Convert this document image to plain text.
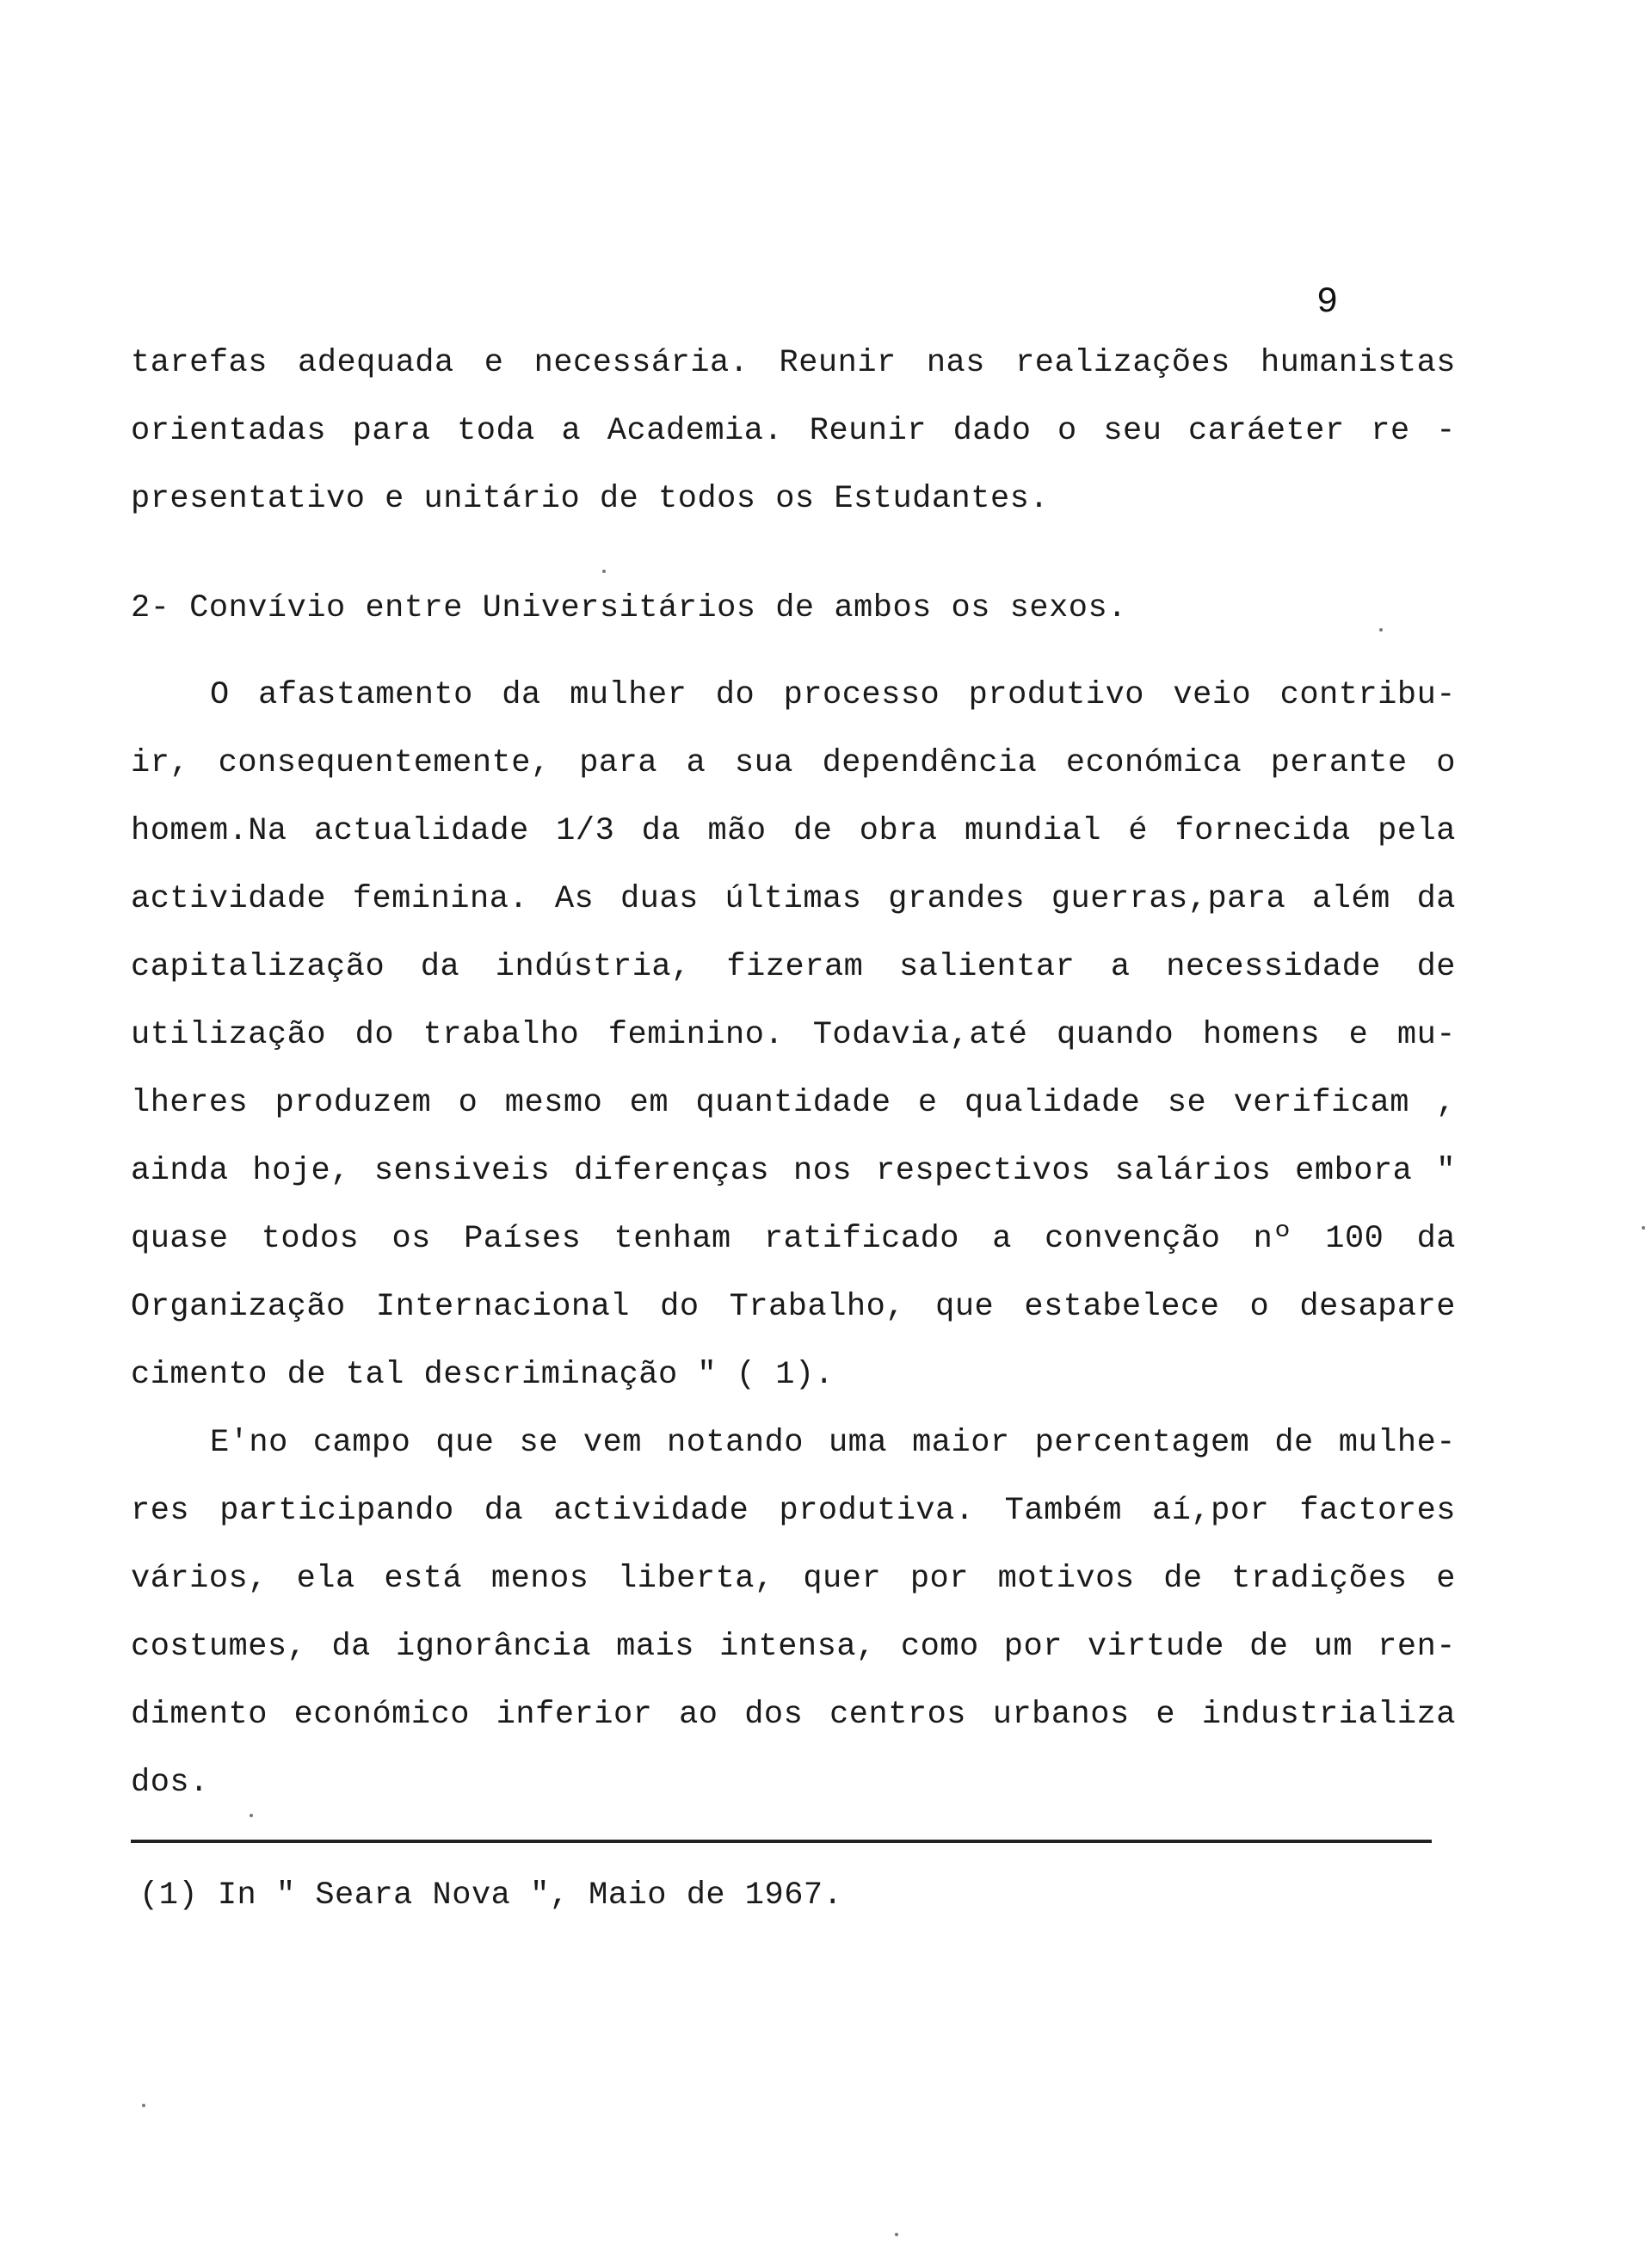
9

tarefas adequada e necessária. Reunir nas realizações humanistas orientadas para toda a Academia. Reunir dado o seu caráeter re - presentativo e unitário de todos os Estudantes.

2- Convívio entre Universitários de ambos os sexos.

O afastamento da mulher do processo produtivo veio contribu- ir, consequentemente, para a sua dependência económica perante o homem.Na actualidade 1/3 da mão de obra mundial é fornecida pela actividade feminina. As duas últimas grandes guerras,para além da capitalização da indústria, fizeram salientar a necessidade de utilização do trabalho feminino. Todavia,até quando homens e mu- lheres produzem o mesmo em quantidade e qualidade se verificam , ainda hoje, sensiveis diferenças nos respectivos salários embora " quase todos os Países tenham ratificado a convenção nº 100 da Organização Internacional do Trabalho, que estabelece o desapare cimento de tal descriminação " ( 1).

E'no campo que se vem notando uma maior percentagem de mulhe- res participando da actividade produtiva. Também aí,por factores vários, ela está menos liberta, quer por motivos de tradições e costumes, da ignorância mais intensa, como por virtude de um ren- dimento económico inferior ao dos centros urbanos e industrializa dos.

(1) In " Seara Nova ", Maio de 1967.
